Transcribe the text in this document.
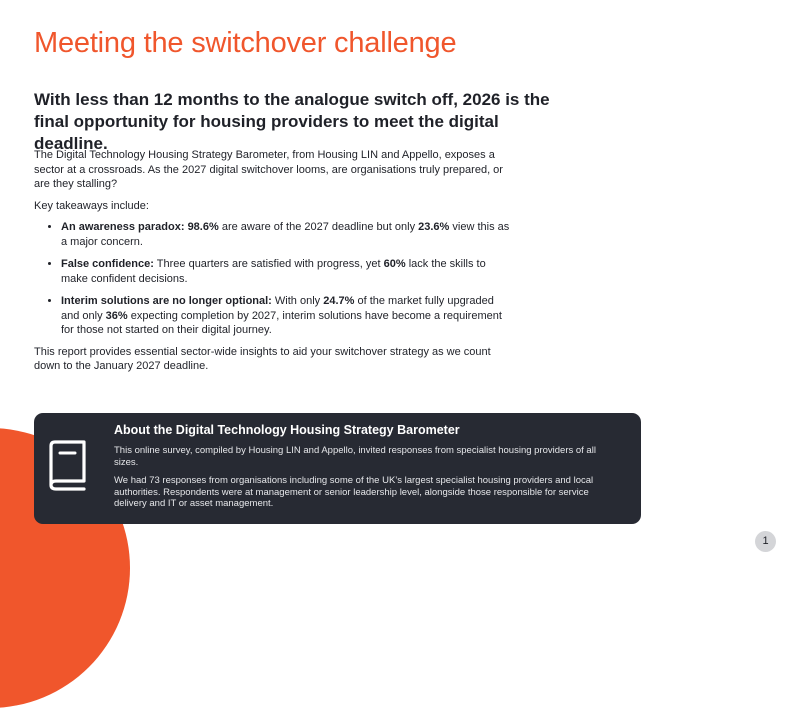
Meeting the switchover challenge
With less than 12 months to the analogue switch off, 2026 is the final opportunity for housing providers to meet the digital deadline.

The Digital Technology Housing Strategy Barometer, from Housing LIN and Appello, exposes a sector at a crossroads. As the 2027 digital switchover looms, are organisations truly prepared, or are they stalling?

Key takeaways include:

• An awareness paradox: 98.6% are aware of the 2027 deadline but only 23.6% view this as a major concern.
• False confidence: Three quarters are satisfied with progress, yet 60% lack the skills to make confident decisions.
• Interim solutions are no longer optional: With only 24.7% of the market fully upgraded and only 36% expecting completion by 2027, interim solutions have become a requirement for those not started on their digital journey.

This report provides essential sector-wide insights to aid your switchover strategy as we count down to the January 2027 deadline.

About the Digital Technology Housing Strategy Barometer

This online survey, compiled by Housing LIN and Appello, invited responses from specialist housing providers of all sizes.

We had 73 responses from organisations including some of the UK’s largest specialist housing providers and local authorities. Respondents were at management or senior leadership level, alongside those responsible for service delivery and IT or asset management.

1
